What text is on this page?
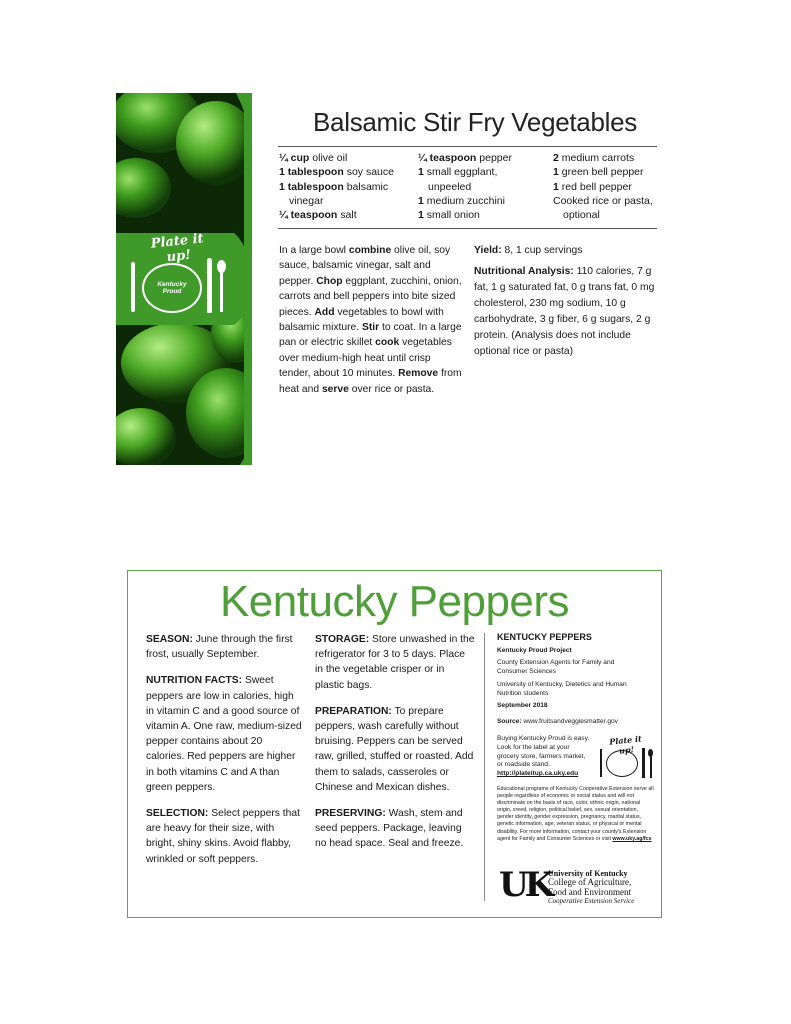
Plate it up!
Kentucky Proud
Balsamic Stir Fry Vegetables
¼ cup olive oil
1 tablespoon soy sauce
1 tablespoon balsamic
vinegar
¼ teaspoon salt
¼ teaspoon pepper
1 small eggplant,
unpeeled
1 medium zucchini
1 small onion
2 medium carrots
1 green bell pepper
1 red bell pepper
Cooked rice or pasta,
optional
In a large bowl combine olive oil, soy sauce, balsamic vinegar, salt and pepper. Chop eggplant, zucchini, onion, carrots and bell peppers into bite sized pieces. Add vegetables to bowl with balsamic mixture. Stir to coat. In a large pan or electric skillet cook vegetables over medium-high heat until crisp tender, about 10 minutes. Remove from heat and serve over rice or pasta.
Yield: 8, 1 cup servings
Nutritional Analysis: 110 calories, 7 g fat, 1 g saturated fat, 0 g trans fat, 0 mg cholesterol, 230 mg sodium, 10 g carbohydrate, 3 g fiber, 6 g sugars, 2 g protein. (Analysis does not include optional rice or pasta)
Kentucky Peppers

SEASON: June through the first frost, usually September.

NUTRITION FACTS: Sweet peppers are low in calories, high in vitamin C and a good source of vitamin A. One raw, medium-sized pepper contains about 20 calories. Red peppers are higher in both vitamins C and A than green peppers.

SELECTION: Select peppers that are heavy for their size, with bright, shiny skins. Avoid flabby, wrinkled or soft peppers.

STORAGE: Store unwashed in the refrigerator for 3 to 5 days. Place in the vegetable crisper or in plastic bags.

PREPARATION: To prepare peppers, wash carefully without bruising. Peppers can be served raw, grilled, stuffed or roasted. Add them to salads, casseroles or Chinese and Mexican dishes.

PRESERVING: Wash, stem and seed peppers. Package, leaving no head space. Seal and freeze.

KENTUCKY PEPPERS
Kentucky Proud Project
County Extension Agents for Family and Consumer Sciences
University of Kentucky, Dietetics and Human Nutrition students
September 2018
Source: www.fruitsandveggiesmatter.gov
Buying Kentucky Proud is easy. Look for the label at your grocery store, farmers market, or roadside stand. http://plateitup.ca.uky.edu
Plate it up!
Educational programs of Kentucky Cooperative Extension serve all people regardless of economic or social status and will not discriminate on the basis of race, color, ethnic origin, national origin, creed, religion, political belief, sex, sexual orientation, gender identity, gender expression, pregnancy, marital status, genetic information, age, veteran status, or physical or mental disability. For more information, contact your county's Extension agent for Family and Consumer Sciences or visit www.uky.ag/fcs
UK
University of Kentucky
College of Agriculture,
Food and Environment
Cooperative Extension Service
